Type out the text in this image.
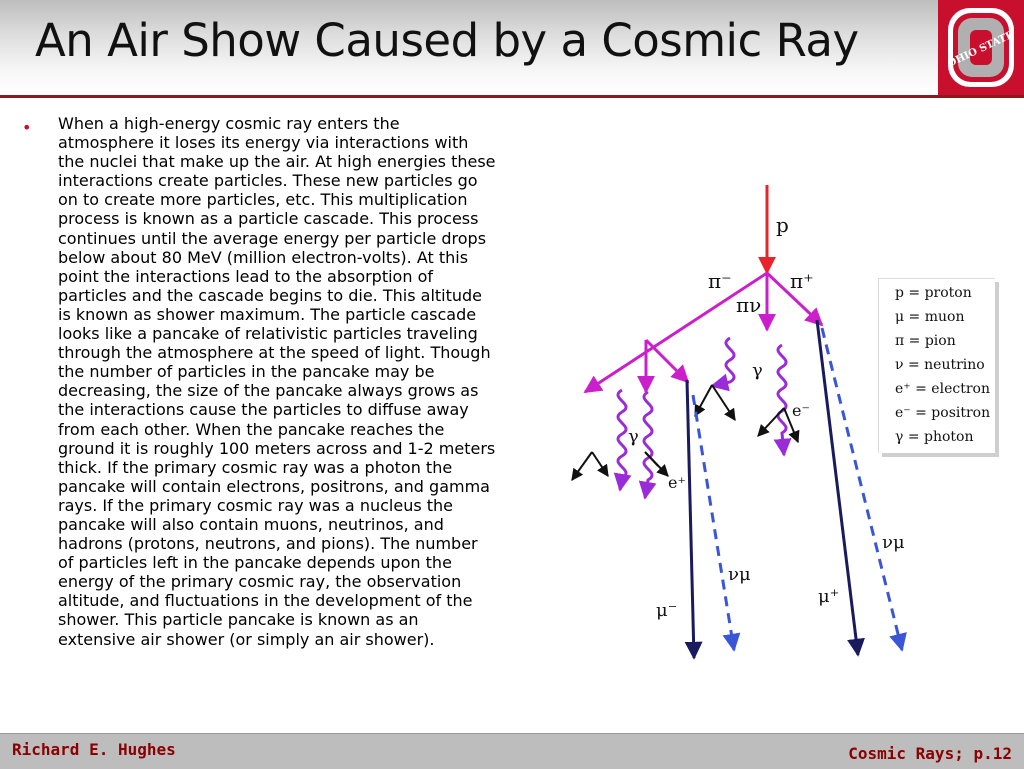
An Air Show Caused by a Cosmic Ray	OHIO STATE
• When a high-energy cosmic ray enters the atmosphere it loses its energy via interactions with the nuclei that make up the air. At high energies these interactions create particles. These new particles go on to create more particles, etc. This multiplication process is known as a particle cascade. This process continues until the average energy per particle drops below about 80 MeV (million electron-volts). At this point the interactions lead to the absorption of particles and the cascade begins to die. This altitude is known as shower maximum. The particle cascade looks like a pancake of relativistic particles traveling through the atmosphere at the speed of light. Though the number of particles in the pancake may be decreasing, the size of the pancake always grows as the interactions cause the particles to diffuse away from each other. When the pancake reaches the ground it is roughly 100 meters across and 1-2 meters thick. If the primary cosmic ray was a photon the pancake will contain electrons, positrons, and gamma rays. If the primary cosmic ray was a nucleus the pancake will also contain muons, neutrinos, and hadrons (protons, neutrons, and pions). The number of particles left in the pancake depends upon the energy of the primary cosmic ray, the observation altitude, and fluctuations in the development of the shower. This particle pancake is known as an extensive air shower (or simply an air shower).
p
π⁻	π⁺
πν
γ
γ
e⁺
e⁻
νμ
νμ
μ⁻
μ⁺
p = proton
μ = muon
π = pion
ν = neutrino
e⁺ = electron
e⁻ = positron
γ = photon
Richard E. Hughes	Cosmic Rays; p.12
